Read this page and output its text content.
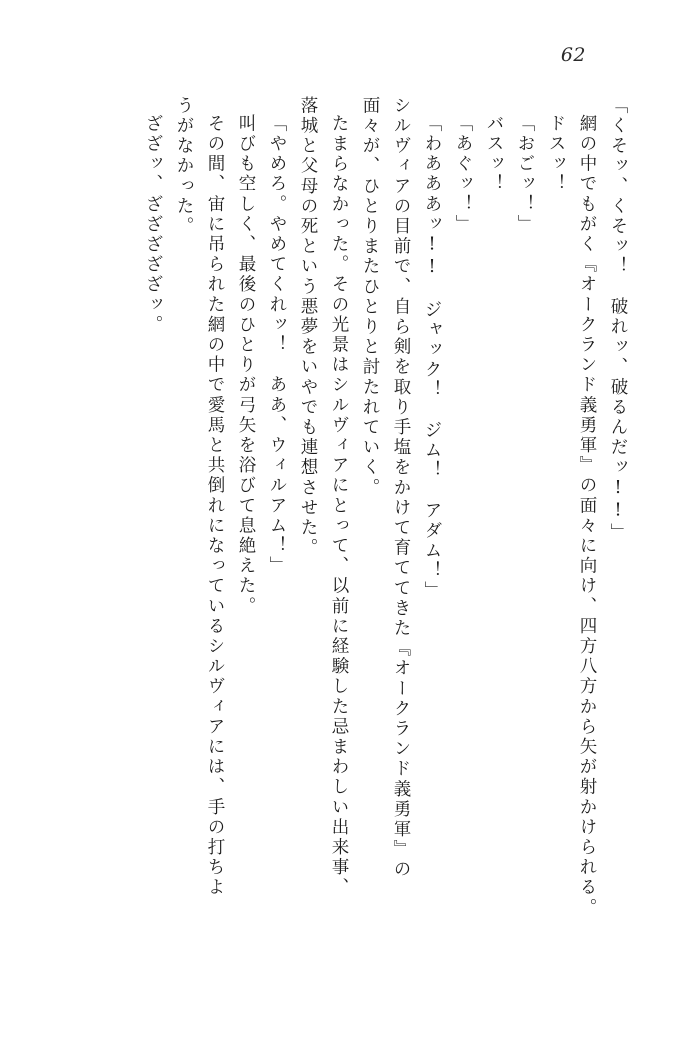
62
「くそッ、くそッ！　破れッ、破るんだッ!!」
網の中でもがく『オークランド義勇軍』の面々に向け、四方八方から矢が射かけられる。
ドスッ！
「おごッ！」
バスッ！
「あぐッ！」
「わあああッ!!　ジャック！　ジム！　アダム！」
シルヴィアの目前で、自ら剣を取り手塩をかけて育ててきた『オークランド義勇軍』の
面々が、ひとりまたひとりと討たれていく。
たまらなかった。その光景はシルヴィアにとって、以前に経験した忌まわしい出来事、
落城と父母の死という悪夢をいやでも連想させた。
「やめろ。やめてくれッ！　ああ、ウィルアム！」
叫びも空しく、最後のひとりが弓矢を浴びて息絶えた。
その間、宙に吊られた網の中で愛馬と共倒れになっているシルヴィアには、手の打ちよ
うがなかった。
ざざッ、ざざざざざッ。
